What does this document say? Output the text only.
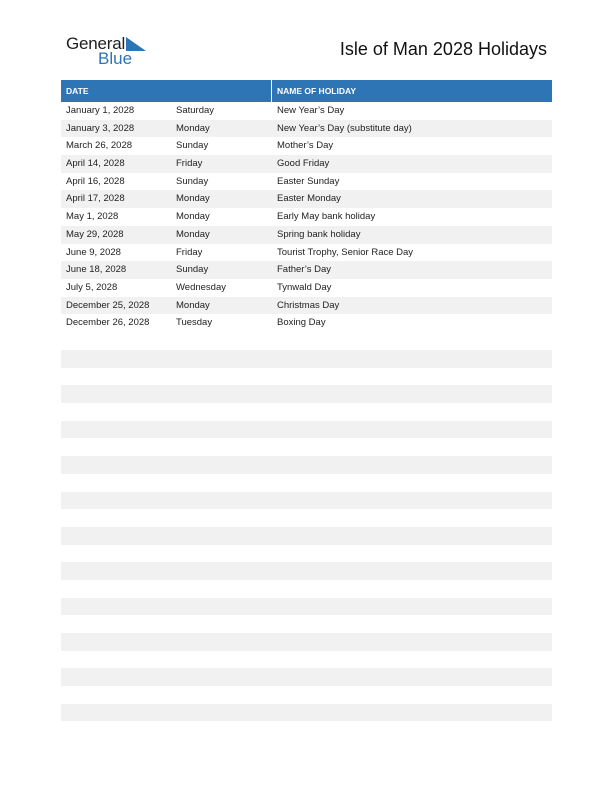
General
Blue	Isle of Man 2028 Holidays
DATE	NAME OF HOLIDAY
January 1, 2028	Saturday	New Year’s Day
January 3, 2028	Monday	New Year’s Day (substitute day)
March 26, 2028	Sunday	Mother’s Day
April 14, 2028	Friday	Good Friday
April 16, 2028	Sunday	Easter Sunday
April 17, 2028	Monday	Easter Monday
May 1, 2028	Monday	Early May bank holiday
May 29, 2028	Monday	Spring bank holiday
June 9, 2028	Friday	Tourist Trophy, Senior Race Day
June 18, 2028	Sunday	Father’s Day
July 5, 2028	Wednesday	Tynwald Day
December 25, 2028	Monday	Christmas Day
December 26, 2028	Tuesday	Boxing Day
